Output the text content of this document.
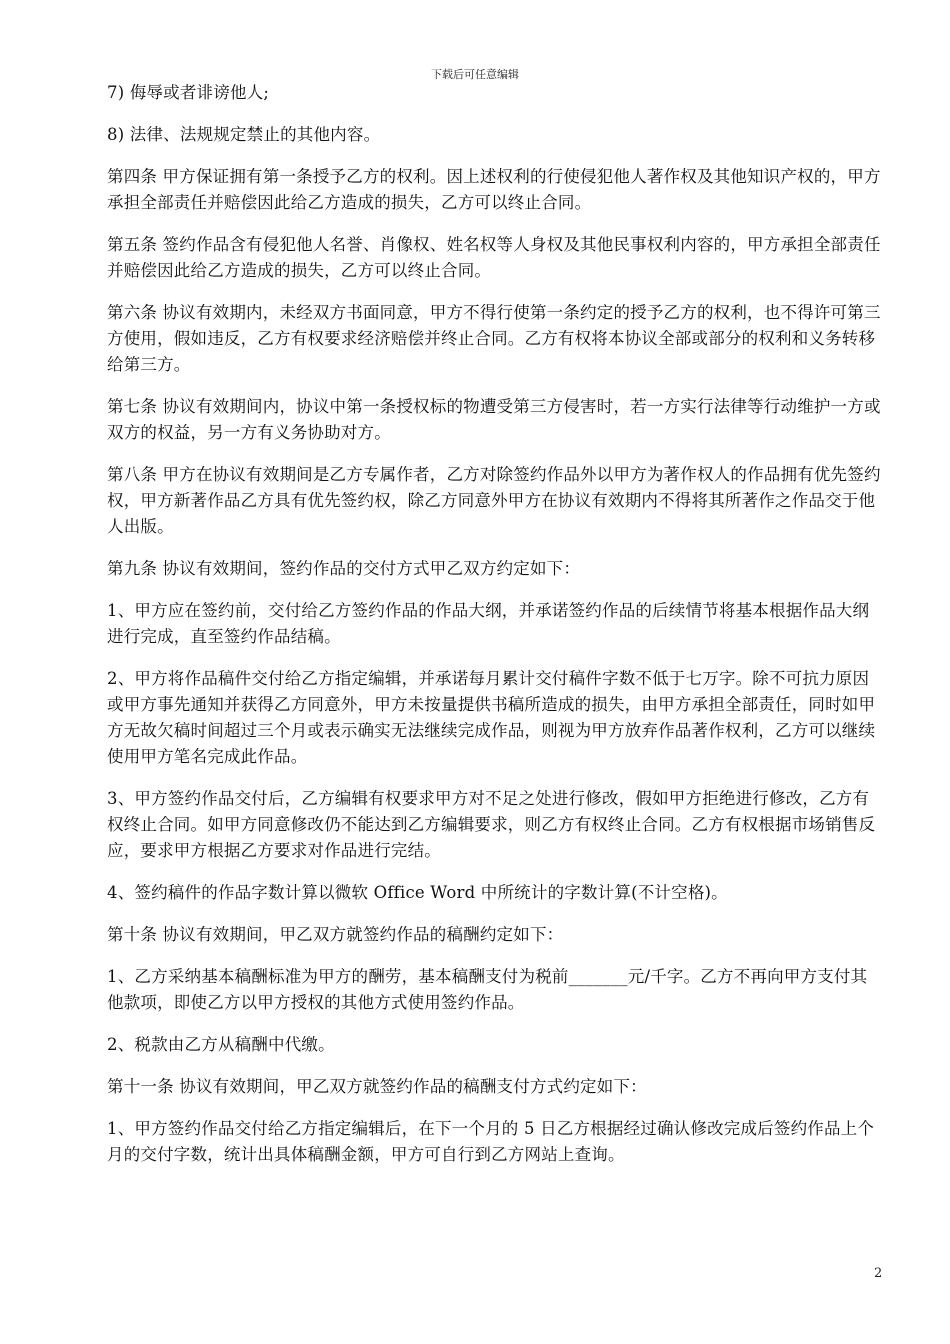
下载后可任意编辑

7) 侮辱或者诽谤他人;

8) 法律、法规规定禁止的其他内容。

第四条 甲方保证拥有第一条授予乙方的权利。因上述权利的行使侵犯他人著作权及其他知识产权的，甲方承担全部责任并赔偿因此给乙方造成的损失，乙方可以终止合同。

第五条 签约作品含有侵犯他人名誉、肖像权、姓名权等人身权及其他民事权利内容的，甲方承担全部责任并赔偿因此给乙方造成的损失，乙方可以终止合同。

第六条 协议有效期内，未经双方书面同意，甲方不得行使第一条约定的授予乙方的权利，也不得许可第三方使用，假如违反，乙方有权要求经济赔偿并终止合同。乙方有权将本协议全部或部分的权利和义务转移给第三方。

第七条 协议有效期间内，协议中第一条授权标的物遭受第三方侵害时，若一方实行法律等行动维护一方或双方的权益，另一方有义务协助对方。

第八条 甲方在协议有效期间是乙方专属作者，乙方对除签约作品外以甲方为著作权人的作品拥有优先签约权，甲方新著作品乙方具有优先签约权，除乙方同意外甲方在协议有效期内不得将其所著作之作品交于他人出版。

第九条 协议有效期间，签约作品的交付方式甲乙双方约定如下：

1、甲方应在签约前，交付给乙方签约作品的作品大纲，并承诺签约作品的后续情节将基本根据作品大纲进行完成，直至签约作品结稿。

2、甲方将作品稿件交付给乙方指定编辑，并承诺每月累计交付稿件字数不低于七万字。除不可抗力原因或甲方事先通知并获得乙方同意外，甲方未按量提供书稿所造成的损失，由甲方承担全部责任，同时如甲方无故欠稿时间超过三个月或表示确实无法继续完成作品，则视为甲方放弃作品著作权利，乙方可以继续使用甲方笔名完成此作品。

3、甲方签约作品交付后，乙方编辑有权要求甲方对不足之处进行修改，假如甲方拒绝进行修改，乙方有权终止合同。如甲方同意修改仍不能达到乙方编辑要求，则乙方有权终止合同。乙方有权根据市场销售反应，要求甲方根据乙方要求对作品进行完结。

4、签约稿件的作品字数计算以微软 Office Word 中所统计的字数计算(不计空格)。

第十条 协议有效期间，甲乙双方就签约作品的稿酬约定如下：

1、乙方采纳基本稿酬标准为甲方的酬劳，基本稿酬支付为税前_______元/千字。乙方不再向甲方支付其他款项，即使乙方以甲方授权的其他方式使用签约作品。

2、税款由乙方从稿酬中代缴。

第十一条 协议有效期间，甲乙双方就签约作品的稿酬支付方式约定如下：

1、甲方签约作品交付给乙方指定编辑后，在下一个月的 5 日乙方根据经过确认修改完成后签约作品上个月的交付字数，统计出具体稿酬金额，甲方可自行到乙方网站上查询。

2
